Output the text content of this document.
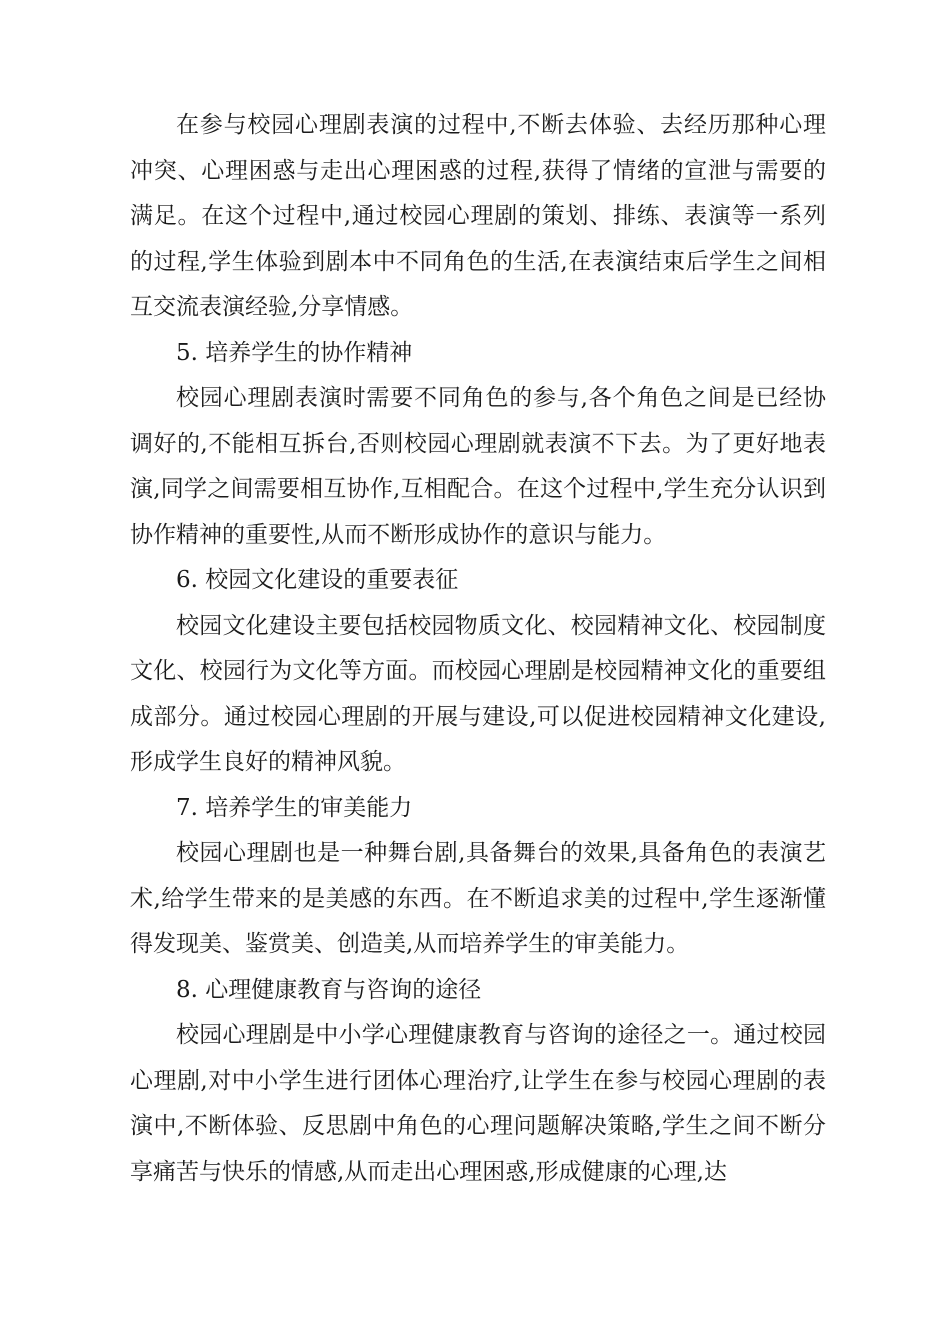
在参与校园心理剧表演的过程中,不断去体验、去经历那种心理冲突、心理困惑与走出心理困惑的过程,获得了情绪的宣泄与需要的满足。在这个过程中,通过校园心理剧的策划、排练、表演等一系列的过程,学生体验到剧本中不同角色的生活,在表演结束后学生之间相互交流表演经验,分享情感。

5. 培养学生的协作精神

校园心理剧表演时需要不同角色的参与,各个角色之间是已经协调好的,不能相互拆台,否则校园心理剧就表演不下去。为了更好地表演,同学之间需要相互协作,互相配合。在这个过程中,学生充分认识到协作精神的重要性,从而不断形成协作的意识与能力。

6. 校园文化建设的重要表征

校园文化建设主要包括校园物质文化、校园精神文化、校园制度文化、校园行为文化等方面。而校园心理剧是校园精神文化的重要组成部分。通过校园心理剧的开展与建设,可以促进校园精神文化建设,形成学生良好的精神风貌。

7. 培养学生的审美能力

校园心理剧也是一种舞台剧,具备舞台的效果,具备角色的表演艺术,给学生带来的是美感的东西。在不断追求美的过程中,学生逐渐懂得发现美、鉴赏美、创造美,从而培养学生的审美能力。

8. 心理健康教育与咨询的途径

校园心理剧是中小学心理健康教育与咨询的途径之一。通过校园心理剧,对中小学生进行团体心理治疗,让学生在参与校园心理剧的表演中,不断体验、反思剧中角色的心理问题解决策略,学生之间不断分享痛苦与快乐的情感,从而走出心理困惑,形成健康的心理,达
